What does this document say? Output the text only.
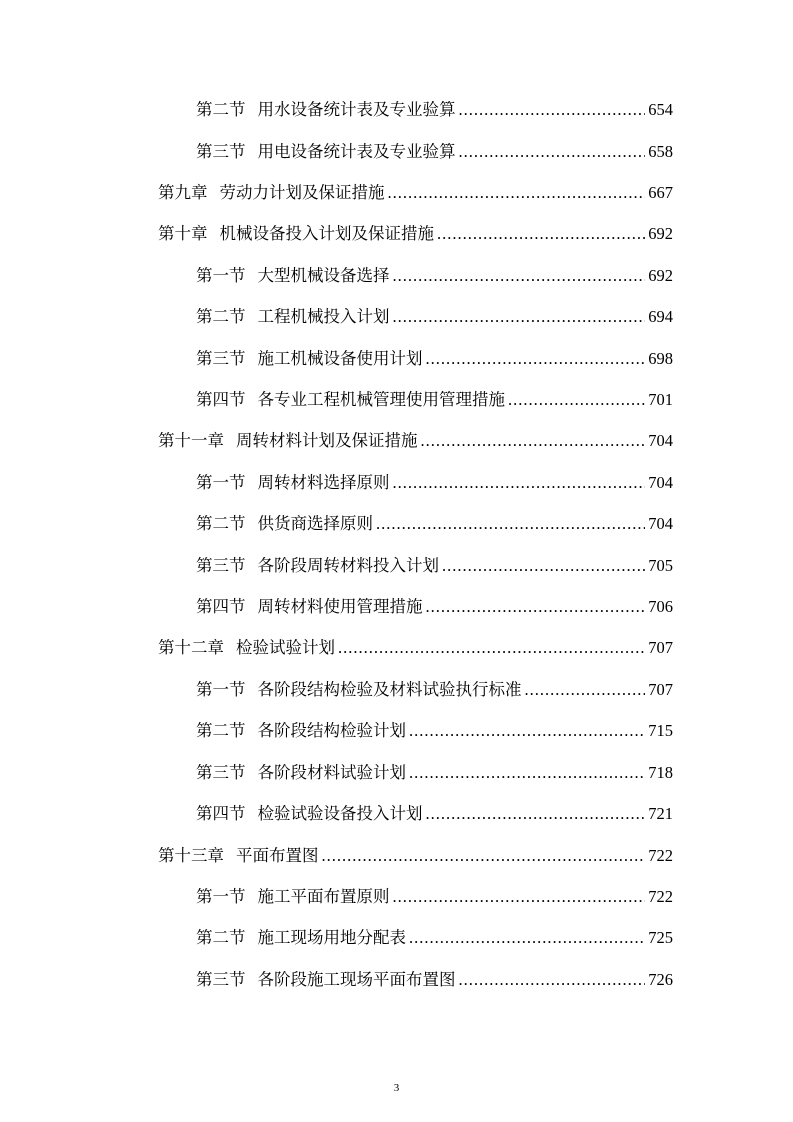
第二节 用水设备统计表及专业验算 .....	654
第三节 用电设备统计表及专业验算 .....	658
第九章 劳动力计划及保证措施 .....	667
第十章 机械设备投入计划及保证措施 .....	692
第一节 大型机械设备选择 .....	692
第二节 工程机械投入计划 .....	694
第三节 施工机械设备使用计划 .....	698
第四节 各专业工程机械管理使用管理措施 .....	701
第十一章 周转材料计划及保证措施 .....	704
第一节 周转材料选择原则 .....	704
第二节 供货商选择原则 .....	704
第三节 各阶段周转材料投入计划 .....	705
第四节 周转材料使用管理措施 .....	706
第十二章 检验试验计划 .....	707
第一节 各阶段结构检验及材料试验执行标准 .....	707
第二节 各阶段结构检验计划 .....	715
第三节 各阶段材料试验计划 .....	718
第四节 检验试验设备投入计划 .....	721
第十三章 平面布置图 .....	722
第一节 施工平面布置原则 .....	722
第二节 施工现场用地分配表 .....	725
第三节 各阶段施工现场平面布置图 .....	726
3
